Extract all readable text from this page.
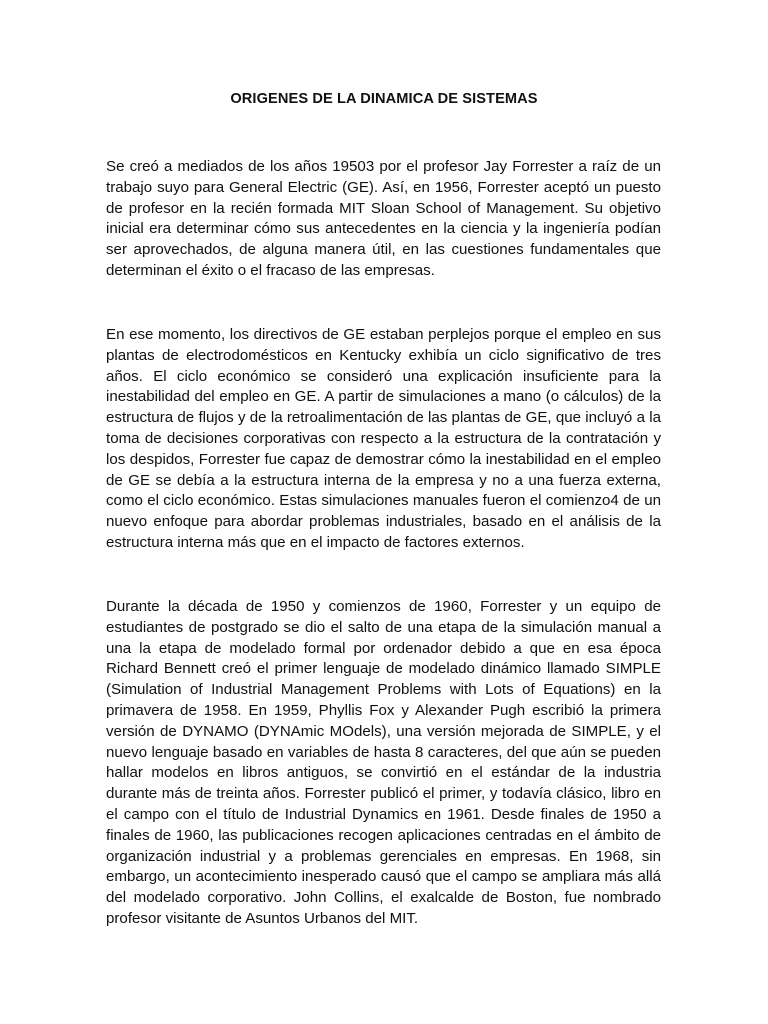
ORIGENES DE LA DINAMICA DE SISTEMAS

Se creó a mediados de los años 19503 por el profesor Jay Forrester a raíz de un trabajo suyo para General Electric (GE). Así, en 1956, Forrester aceptó un puesto de profesor en la recién formada MIT Sloan School of Management. Su objetivo inicial era determinar cómo sus antecedentes en la ciencia y la ingeniería podían ser aprovechados, de alguna manera útil, en las cuestiones fundamentales que determinan el éxito o el fracaso de las empresas.

En ese momento, los directivos de GE estaban perplejos porque el empleo en sus plantas de electrodomésticos en Kentucky exhibía un ciclo significativo de tres años. El ciclo económico se consideró una explicación insuficiente para la inestabilidad del empleo en GE. A partir de simulaciones a mano (o cálculos) de la estructura de flujos y de la retroalimentación de las plantas de GE, que incluyó a la toma de decisiones corporativas con respecto a la estructura de la contratación y los despidos, Forrester fue capaz de demostrar cómo la inestabilidad en el empleo de GE se debía a la estructura interna de la empresa y no a una fuerza externa, como el ciclo económico. Estas simulaciones manuales fueron el comienzo4 de un nuevo enfoque para abordar problemas industriales, basado en el análisis de la estructura interna más que en el impacto de factores externos.

Durante la década de 1950 y comienzos de 1960, Forrester y un equipo de estudiantes de postgrado se dio el salto de una etapa de la simulación manual a una la etapa de modelado formal por ordenador debido a que en esa época Richard Bennett creó el primer lenguaje de modelado dinámico llamado SIMPLE (Simulation of Industrial Management Problems with Lots of Equations) en la primavera de 1958. En 1959, Phyllis Fox y Alexander Pugh escribió la primera versión de DYNAMO (DYNAmic MOdels), una versión mejorada de SIMPLE, y el nuevo lenguaje basado en variables de hasta 8 caracteres, del que aún se pueden hallar modelos en libros antiguos, se convirtió en el estándar de la industria durante más de treinta años. Forrester publicó el primer, y todavía clásico, libro en el campo con el título de Industrial Dynamics en 1961. Desde finales de 1950 a finales de 1960, las publicaciones recogen aplicaciones centradas en el ámbito de organización industrial y a problemas gerenciales en empresas. En 1968, sin embargo, un acontecimiento inesperado causó que el campo se ampliara más allá del modelado corporativo. John Collins, el exalcalde de Boston, fue nombrado profesor visitante de Asuntos Urbanos del MIT.
